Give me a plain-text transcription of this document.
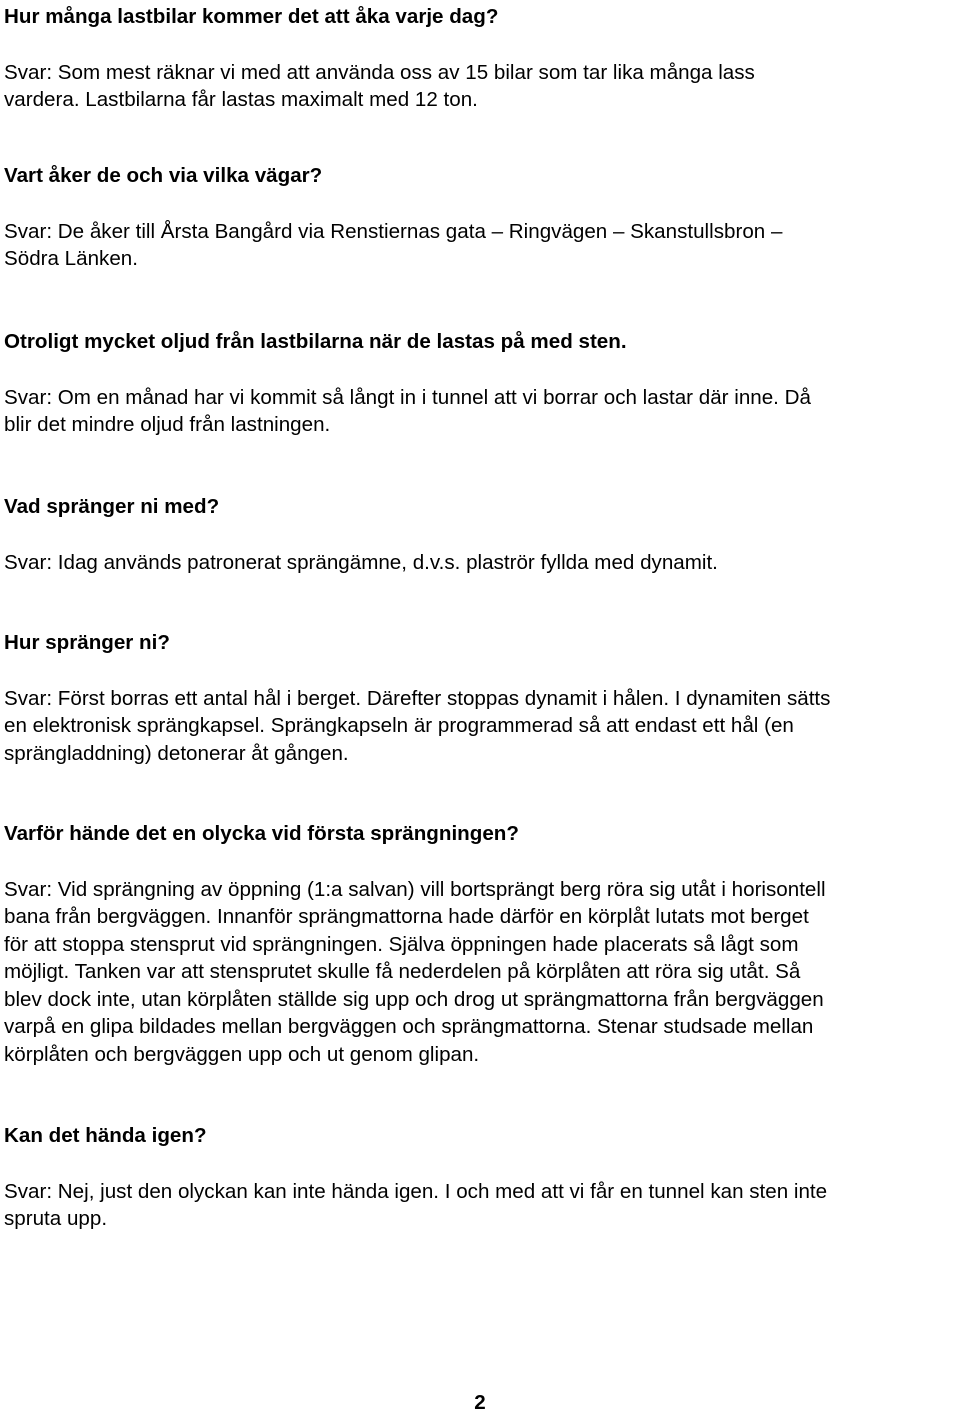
Hur många lastbilar kommer det att åka varje dag?
Svar: Som mest räknar vi med att använda oss av 15 bilar som tar lika många lass
vardera. Lastbilarna får lastas maximalt med 12 ton.
Vart åker de och via vilka vägar?
Svar: De åker till Årsta Bangård via Renstiernas gata – Ringvägen – Skanstullsbron –
Södra Länken.
Otroligt mycket oljud från lastbilarna när de lastas på med sten.
Svar: Om en månad har vi kommit så långt in i tunnel att vi borrar och lastar där inne. Då
blir det mindre oljud från lastningen.
Vad spränger ni med?
Svar: Idag används patronerat sprängämne, d.v.s. plaströr fyllda med dynamit.
Hur spränger ni?
Svar: Först borras ett antal hål i berget. Därefter stoppas dynamit i hålen. I dynamiten sätts
en elektronisk sprängkapsel. Sprängkapseln är programmerad så att endast ett hål (en
sprängladdning) detonerar åt gången.
Varför hände det en olycka vid första sprängningen?
Svar: Vid sprängning av öppning (1:a salvan) vill bortsprängt berg röra sig utåt i horisontell
bana från bergväggen. Innanför sprängmattorna hade därför en körplåt lutats mot berget
för att stoppa stensprut vid sprängningen. Själva öppningen hade placerats så lågt som
möjligt. Tanken var att stensprutet skulle få nederdelen på körplåten att röra sig utåt. Så
blev dock inte, utan körplåten ställde sig upp och drog ut sprängmattorna från bergväggen
varpå en glipa bildades mellan bergväggen och sprängmattorna. Stenar studsade mellan
körplåten och bergväggen upp och ut genom glipan.
Kan det hända igen?
Svar: Nej, just den olyckan kan inte hända igen. I och med att vi får en tunnel kan sten inte
spruta upp.
2
